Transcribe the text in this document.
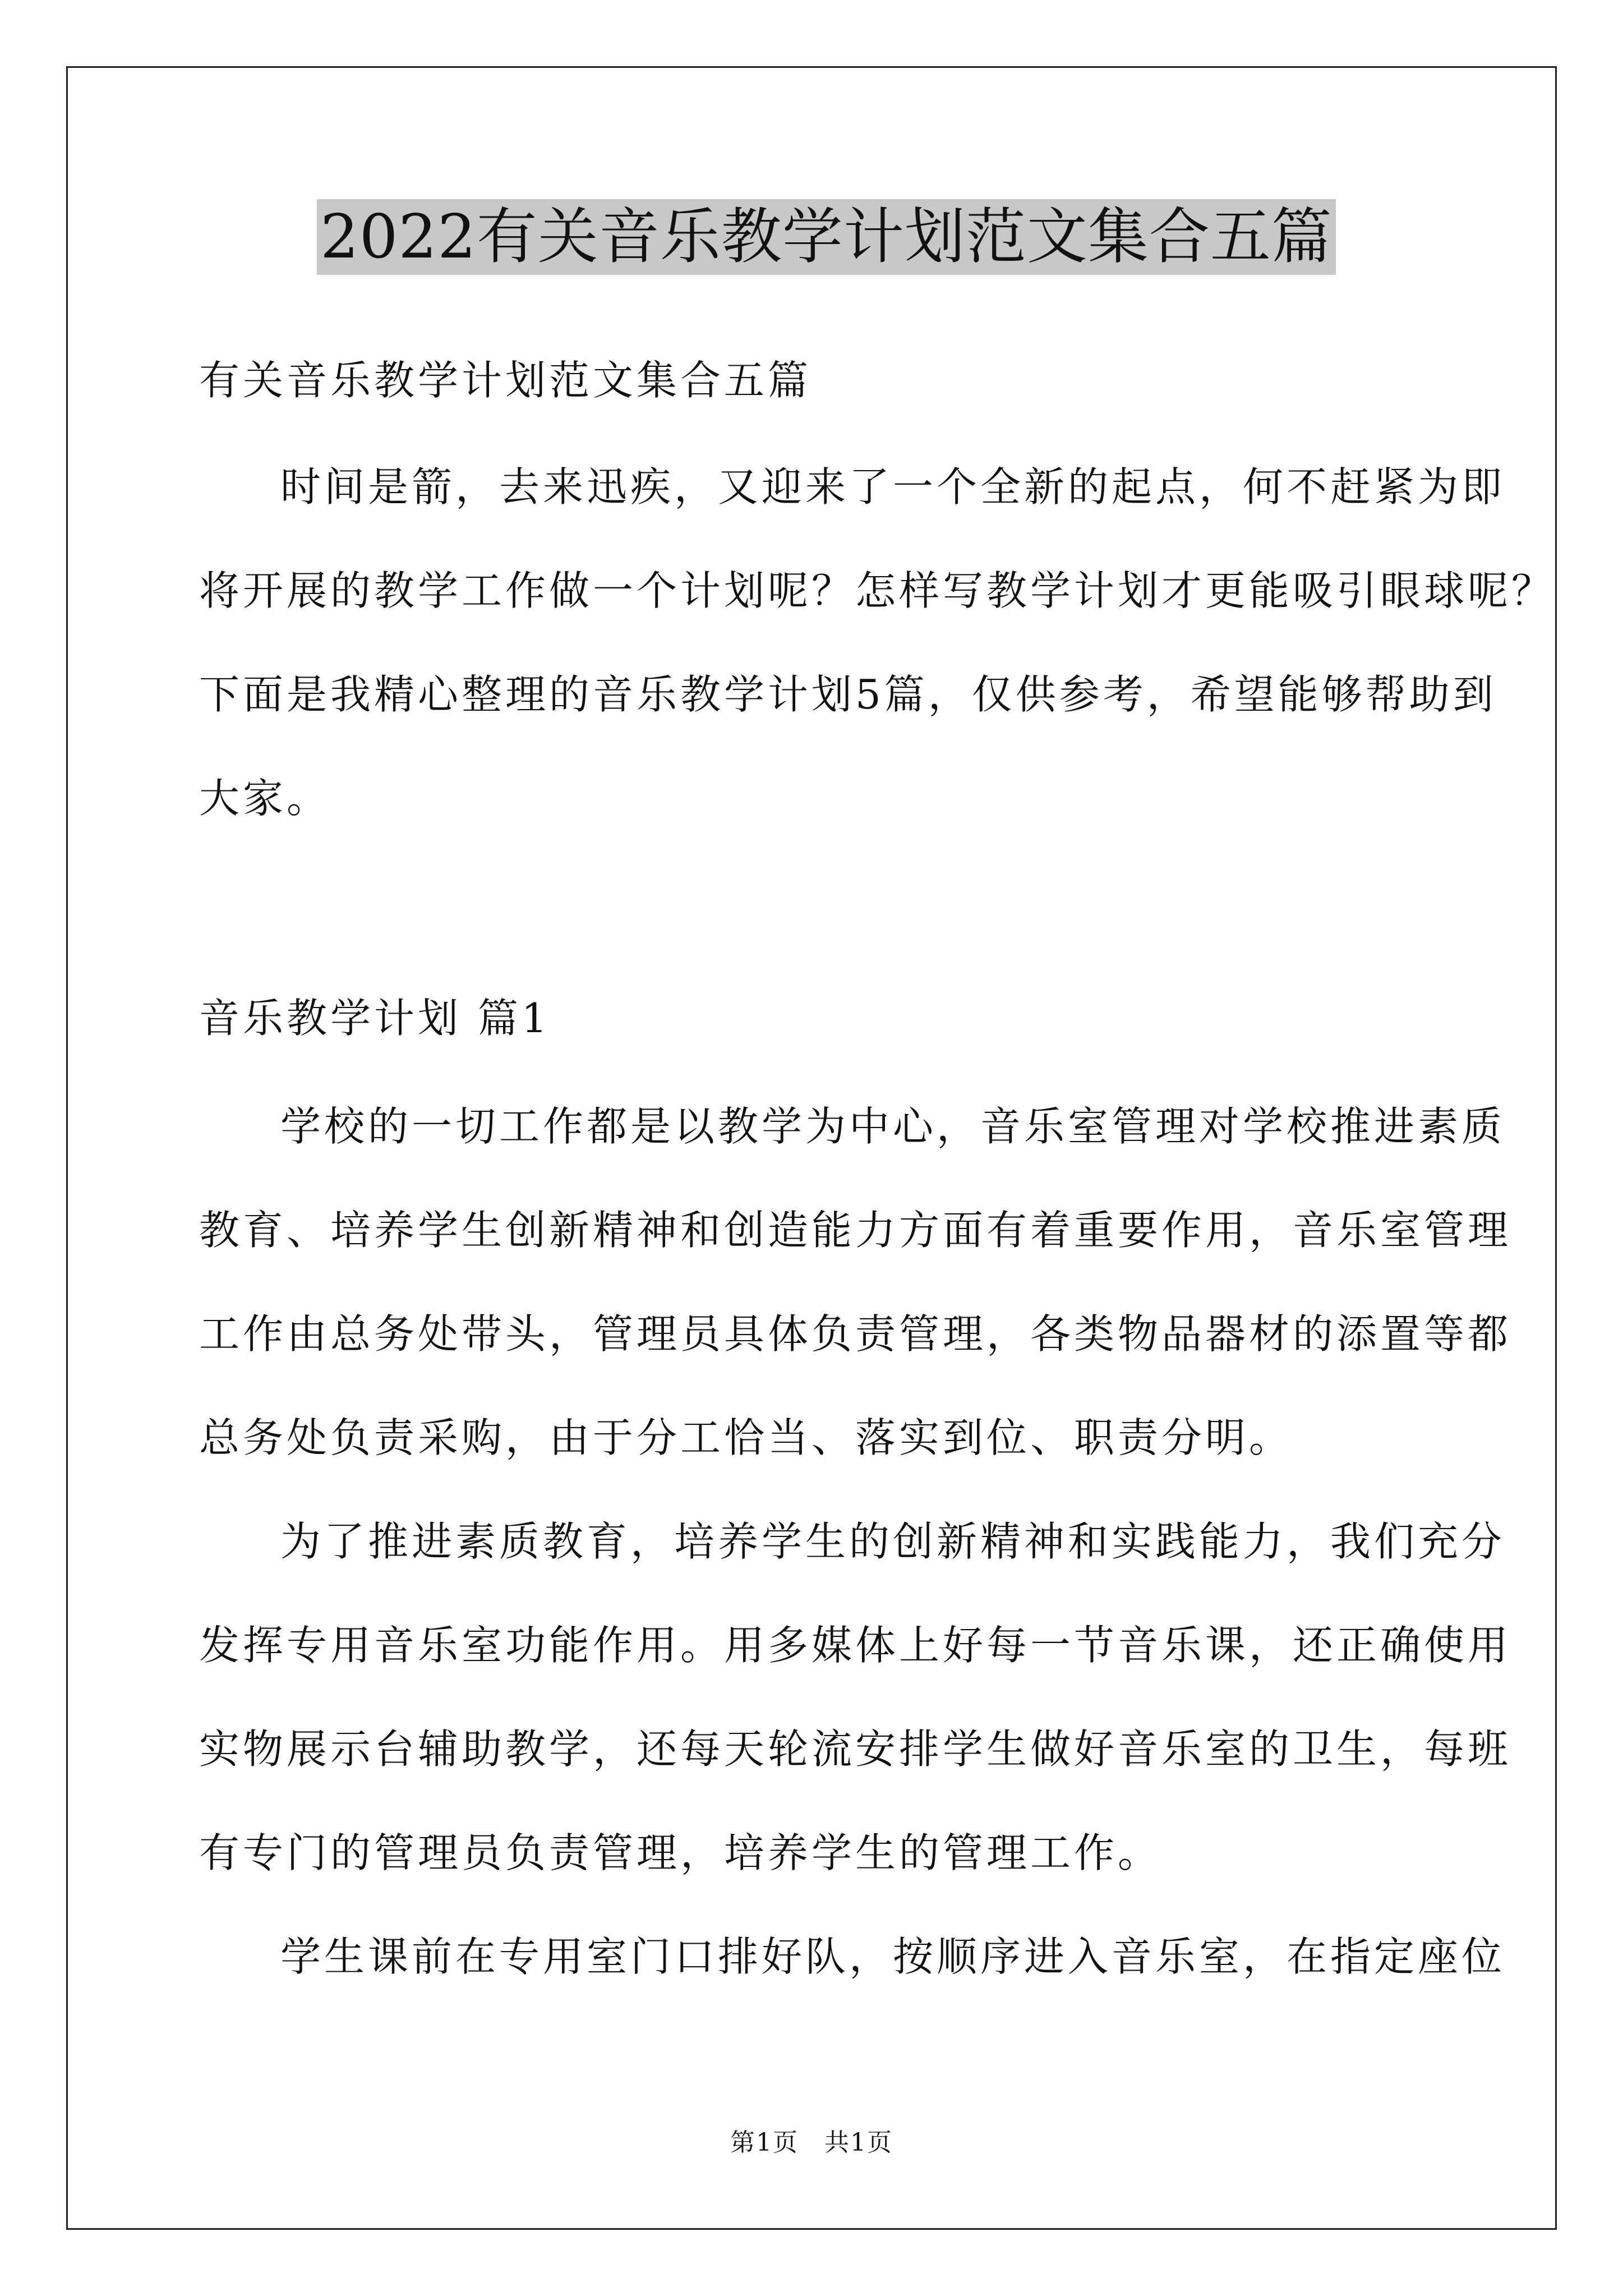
2022有关音乐教学计划范文集合五篇
有关音乐教学计划范文集合五篇
时间是箭，去来迅疾，又迎来了一个全新的起点，何不赶紧为即
将开展的教学工作做一个计划呢？怎样写教学计划才更能吸引眼球呢？
下面是我精心整理的音乐教学计划5篇，仅供参考，希望能够帮助到
大家。
音乐教学计划 篇1
学校的一切工作都是以教学为中心，音乐室管理对学校推进素质
教育、培养学生创新精神和创造能力方面有着重要作用，音乐室管理
工作由总务处带头，管理员具体负责管理，各类物品器材的添置等都
总务处负责采购，由于分工恰当、落实到位、职责分明。
为了推进素质教育，培养学生的创新精神和实践能力，我们充分
发挥专用音乐室功能作用。用多媒体上好每一节音乐课，还正确使用
实物展示台辅助教学，还每天轮流安排学生做好音乐室的卫生，每班
有专门的管理员负责管理，培养学生的管理工作。
学生课前在专用室门口排好队，按顺序进入音乐室，在指定座位
第1页　共1页
